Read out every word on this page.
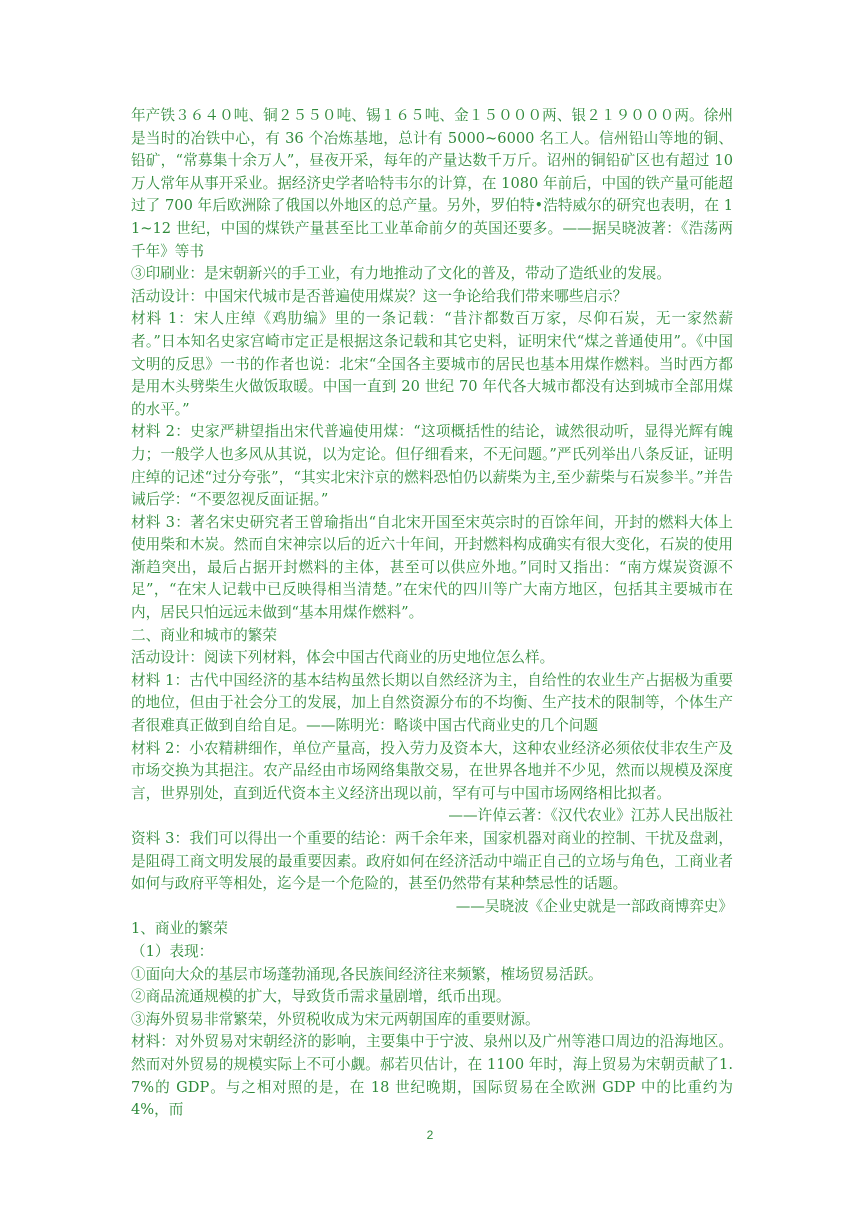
年产铁３６４０吨、铜２５５０吨、锡１６５吨、金１５０００两、银２１９０００两。徐州是当时的冶铁中心，有 36 个冶炼基地，总计有 5000~6000 名工人。信州铅山等地的铜、铅矿，“常募集十余万人”，昼夜开采，每年的产量达数千万斤。诏州的铜铅矿区也有超过 10 万人常年从事开采业。据经济史学者哈特韦尔的计算，在 1080 年前后，中国的铁产量可能超过了 700 年后欧洲除了俄国以外地区的总产量。另外，罗伯特•浩特威尔的研究也表明，在 11~12 世纪，中国的煤铁产量甚至比工业革命前夕的英国还要多。——据吴晓波著：《浩荡两千年》等书

③印刷业：是宋朝新兴的手工业，有力地推动了文化的普及，带动了造纸业的发展。

活动设计：中国宋代城市是否普遍使用煤炭？这一争论给我们带来哪些启示？

材料 1：宋人庄绰《鸡肋编》里的一条记载：“昔汴都数百万家，尽仰石炭，无一家然薪者。”日本知名史家宫崎市定正是根据这条记载和其它史料，证明宋代“煤之普通使用”。《中国文明的反思》一书的作者也说：北宋“全国各主要城市的居民也基本用煤作燃料。当时西方都是用木头劈柴生火做饭取暖。中国一直到 20 世纪 70 年代各大城市都没有达到城市全部用煤的水平。”

材料 2：史家严耕望指出宋代普遍使用煤：“这项概括性的结论，诚然很动听，显得光辉有魄力；一般学人也多风从其说，以为定论。但仔细看来，不无问题。”严氏列举出八条反证，证明庄绰的记述“过分夸张”，“其实北宋汴京的燃料恐怕仍以薪柴为主,至少薪柴与石炭参半。”并告诫后学：“不要忽视反面证据。”

材料 3：著名宋史研究者王曾瑜指出“自北宋开国至宋英宗时的百馀年间，开封的燃料大体上使用柴和木炭。然而自宋神宗以后的近六十年间，开封燃料构成确实有很大变化，石炭的使用渐趋突出，最后占据开封燃料的主体，甚至可以供应外地。”同时又指出：“南方煤炭资源不足”，“在宋人记载中已反映得相当清楚。”在宋代的四川等广大南方地区，包括其主要城市在内，居民只怕远远未做到“基本用煤作燃料”。

二、商业和城市的繁荣

活动设计：阅读下列材料，体会中国古代商业的历史地位怎么样。

材料 1：古代中国经济的基本结构虽然长期以自然经济为主，自给性的农业生产占据极为重要的地位，但由于社会分工的发展，加上自然资源分布的不均衡、生产技术的限制等，个体生产者很难真正做到自给自足。——陈明光：略谈中国古代商业史的几个问题

材料 2：小农精耕细作，单位产量高，投入劳力及资本大，这种农业经济必须依仗非农生产及市场交换为其挹注。农产品经由市场网络集散交易，在世界各地并不少见，然而以规模及深度言，世界别处，直到近代资本主义经济出现以前，罕有可与中国市场网络相比拟者。

——许倬云著：《汉代农业》江苏人民出版社

资料 3：我们可以得出一个重要的结论：两千余年来，国家机器对商业的控制、干扰及盘剥，是阻碍工商文明发展的最重要因素。政府如何在经济活动中端正自己的立场与角色，工商业者如何与政府平等相处，迄今是一个危险的，甚至仍然带有某种禁忌性的话题。

——吴晓波《企业史就是一部政商博弈史》

1、商业的繁荣

（1）表现：

①面向大众的基层市场蓬勃涌现,各民族间经济往来频繁，榷场贸易活跃。

②商品流通规模的扩大，导致货币需求量剧增，纸币出现。

③海外贸易非常繁荣，外贸税收成为宋元两朝国库的重要财源。

材料：对外贸易对宋朝经济的影响，主要集中于宁波、泉州以及广州等港口周边的沿海地区。然而对外贸易的规模实际上不可小觑。郝若贝估计，在 1100 年时，海上贸易为宋朝贡献了1.7%的 GDP。与之相对照的是，在 18 世纪晚期，国际贸易在全欧洲 GDP 中的比重约为 4%，而

2
